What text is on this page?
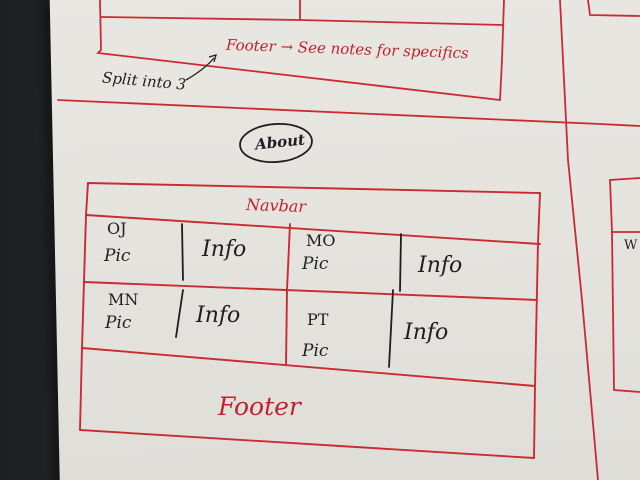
Footer → See notes for specifics
Split into 3
About
Navbar
OJ
Pic	Info	MO
Pic	Info
MN
Pic	Info	PT
Pic
Info
Footer
W
